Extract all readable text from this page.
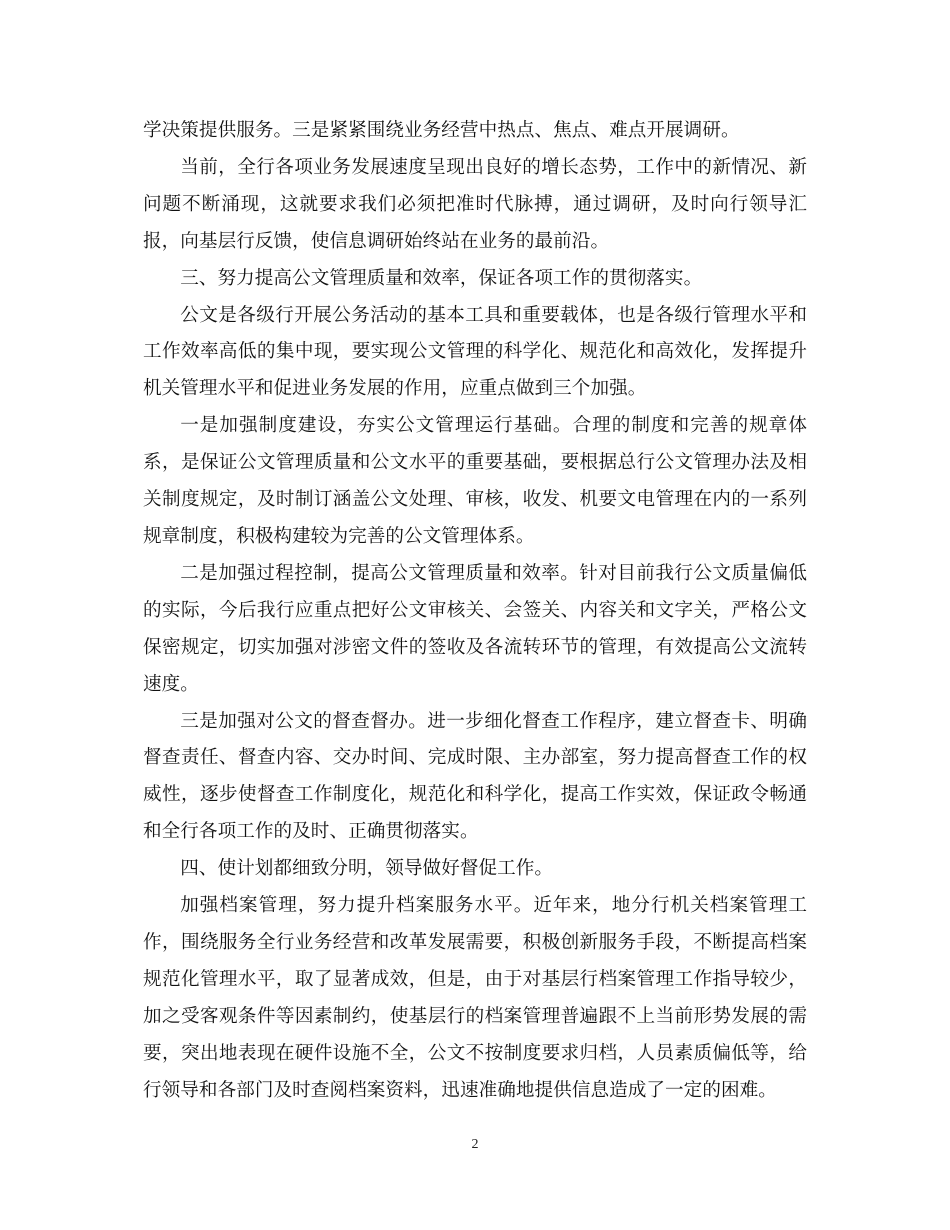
学决策提供服务。三是紧紧围绕业务经营中热点、焦点、难点开展调研。

当前，全行各项业务发展速度呈现出良好的增长态势，工作中的新情况、新问题不断涌现，这就要求我们必须把准时代脉搏，通过调研，及时向行领导汇报，向基层行反馈，使信息调研始终站在业务的最前沿。

三、努力提高公文管理质量和效率，保证各项工作的贯彻落实。

公文是各级行开展公务活动的基本工具和重要载体，也是各级行管理水平和工作效率高低的集中现，要实现公文管理的科学化、规范化和高效化，发挥提升机关管理水平和促进业务发展的作用，应重点做到三个加强。

一是加强制度建设，夯实公文管理运行基础。合理的制度和完善的规章体系，是保证公文管理质量和公文水平的重要基础，要根据总行公文管理办法及相关制度规定，及时制订涵盖公文处理、审核，收发、机要文电管理在内的一系列规章制度，积极构建较为完善的公文管理体系。

二是加强过程控制，提高公文管理质量和效率。针对目前我行公文质量偏低的实际，今后我行应重点把好公文审核关、会签关、内容关和文字关，严格公文保密规定，切实加强对涉密文件的签收及各流转环节的管理，有效提高公文流转速度。

三是加强对公文的督查督办。进一步细化督查工作程序，建立督查卡、明确督查责任、督查内容、交办时间、完成时限、主办部室，努力提高督查工作的权威性，逐步使督查工作制度化，规范化和科学化，提高工作实效，保证政令畅通和全行各项工作的及时、正确贯彻落实。

四、使计划都细致分明，领导做好督促工作。

加强档案管理，努力提升档案服务水平。近年来，地分行机关档案管理工作，围绕服务全行业务经营和改革发展需要，积极创新服务手段，不断提高档案规范化管理水平，取了显著成效，但是，由于对基层行档案管理工作指导较少，加之受客观条件等因素制约，使基层行的档案管理普遍跟不上当前形势发展的需要，突出地表现在硬件设施不全，公文不按制度要求归档，人员素质偏低等，给行领导和各部门及时查阅档案资料，迅速准确地提供信息造成了一定的困难。

2
